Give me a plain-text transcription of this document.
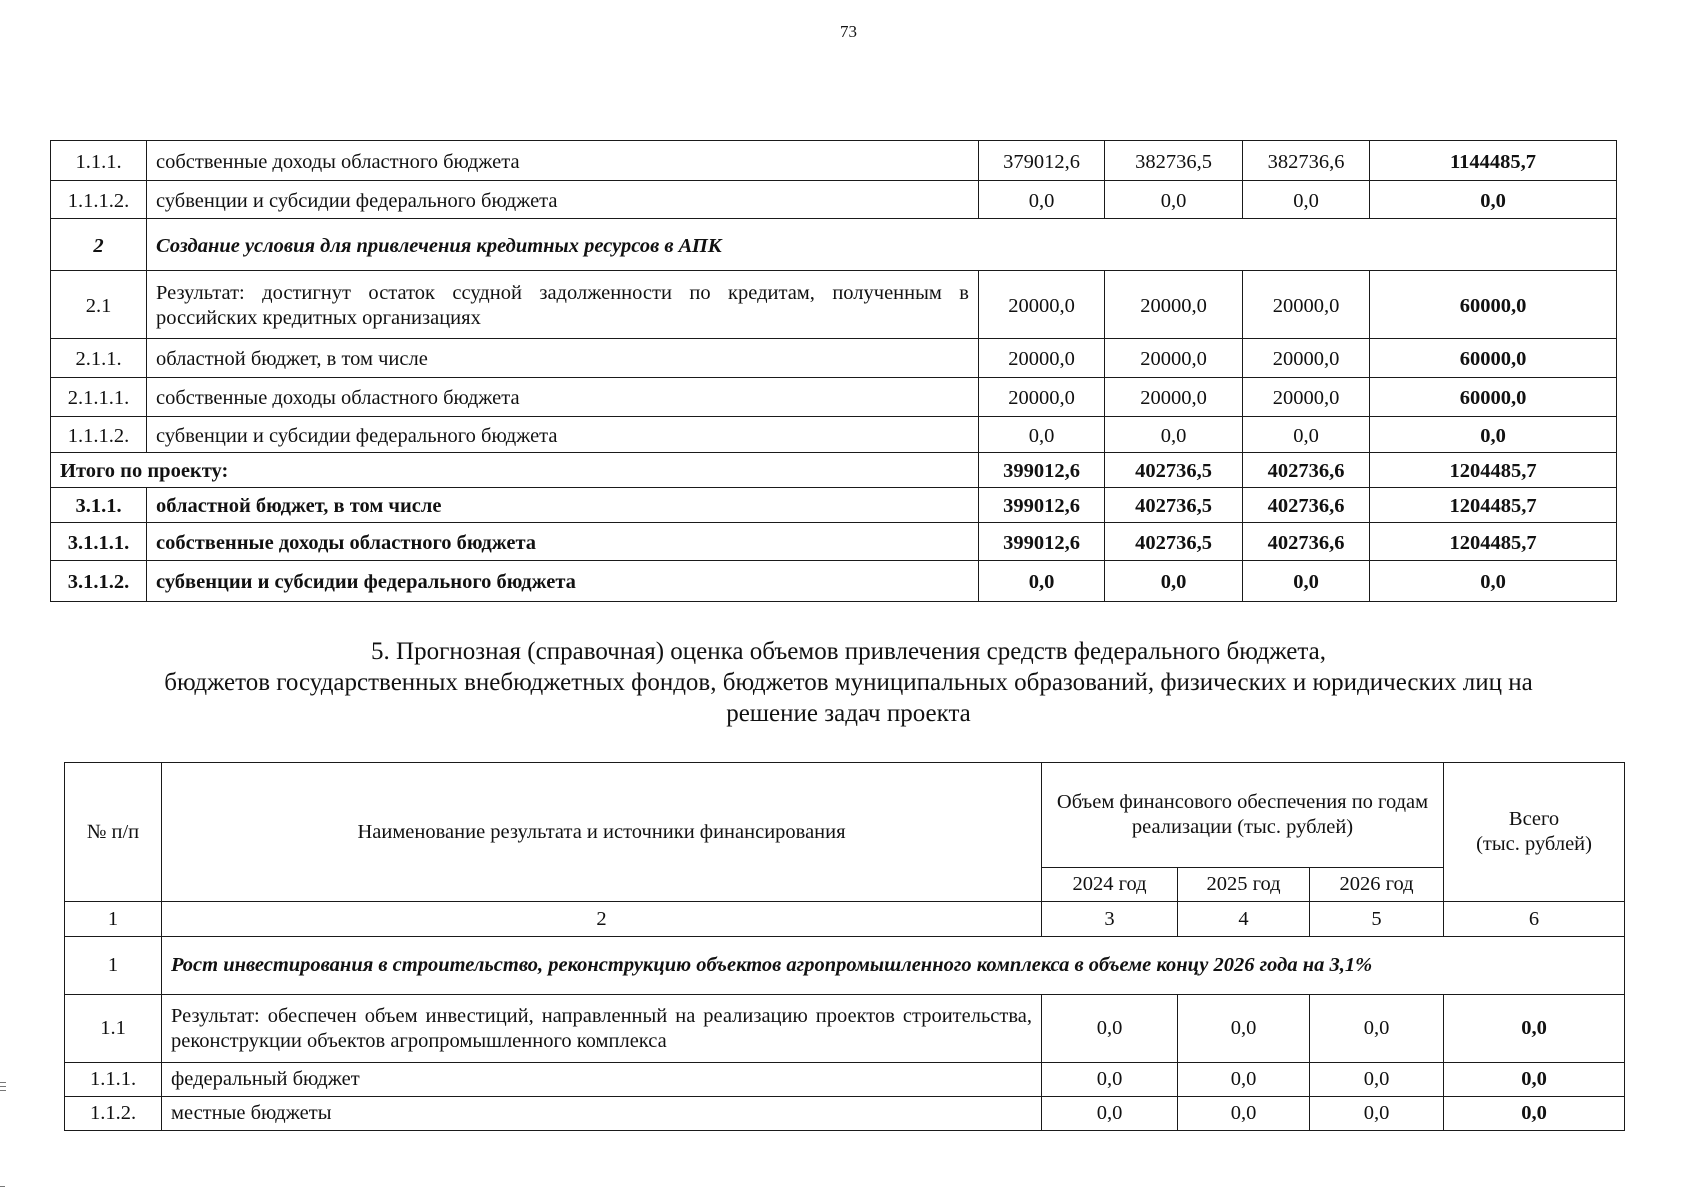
73
1.1.1.	собственные доходы областного бюджета	379012,6	382736,5	382736,6	1144485,7
1.1.1.2.	субвенции и субсидии федерального бюджета	0,0	0,0	0,0	0,0
2	Создание условия для привлечения кредитных ресурсов в АПК				
2.1	Результат: достигнут остаток ссудной задолженности по кредитам, полученным в российских кредитных организациях	20000,0	20000,0	20000,0	60000,0
2.1.1.	областной бюджет, в том числе	20000,0	20000,0	20000,0	60000,0
2.1.1.1.	собственные доходы областного бюджета	20000,0	20000,0	20000,0	60000,0
1.1.1.2.	субвенции и субсидии федерального бюджета	0,0	0,0	0,0	0,0
Итого по проекту:		399012,6	402736,5	402736,6	1204485,7
3.1.1.	областной бюджет, в том числе	399012,6	402736,5	402736,6	1204485,7
3.1.1.1.	собственные доходы областного бюджета	399012,6	402736,5	402736,6	1204485,7
3.1.1.2.	субвенции и субсидии федерального бюджета	0,0	0,0	0,0	0,0
5. Прогнозная (справочная) оценка объемов привлечения средств федерального бюджета,
бюджетов государственных внебюджетных фондов, бюджетов муниципальных образований, физических и юридических лиц на
решение задач проекта
№ п/п	Наименование результата и источники финансирования	Объем финансового обеспечения по годам реализации (тыс. рублей)			Всего
(тыс. рублей)

		2024 год	2025 год	2026 год	
1	2	3	4	5	6
1	Рост инвестирования в строительство, реконструкцию объектов агропромышленного комплекса в объеме концу 2026 года на 3,1%				
1.1	Результат: обеспечен объем инвестиций, направленный на реализацию проектов строительства, реконструкции объектов агропромышленного комплекса	0,0	0,0	0,0	0,0
1.1.1.	федеральный бюджет	0,0	0,0	0,0	0,0
1.1.2.	местные бюджеты	0,0	0,0	0,0	0,0
